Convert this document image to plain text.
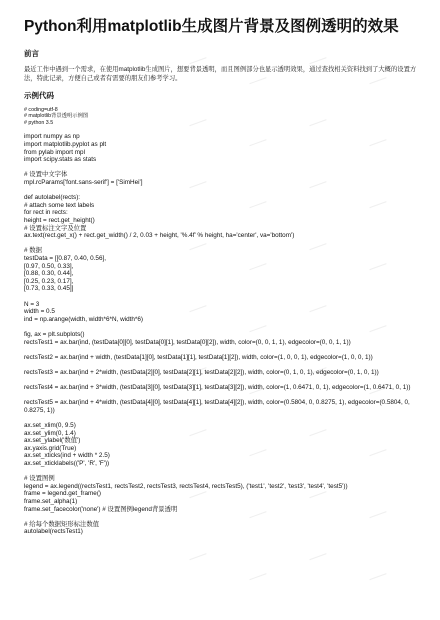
Python利用matplotlib生成图片背景及图例透明的效果
前言

最近工作中遇到一个需求，在使用matplotlib生成图片，想要背景透明，而且图例部分也显示透明效果，通过查找相关资料找到了大概的设置方法，特此记录，方便自己或者有需要的朋友们参考学习。

示例代码
# coding=utf-8
# matplotlib背景透明示例图
# python 3.5
import numpy as np
import matplotlib.pyplot as plt
from pylab import mpl
import scipy.stats as stats
# 设置中文字体
mpl.rcParams['font.sans-serif'] = ['SimHei']
def autolabel(rects):
# attach some text labels
for rect in rects:
height = rect.get_height()
# 设置标注文字及位置
ax.text(rect.get_x() + rect.get_width() / 2, 0.03 + height, '%.4f' % height, ha='center', va='bottom')
# 数据
testData = [[0.87, 0.40, 0.56],
[0.97, 0.50, 0.33],
[0.88, 0.30, 0.44],
[0.25, 0.23, 0.17],
[0.73, 0.33, 0.45]]
N = 3
width = 0.5
ind = np.arange(width, width*6*N, width*6)
fig, ax = plt.subplots()
rectsTest1 = ax.bar(ind, (testData[0][0], testData[0][1], testData[0][2]), width, color=(0, 0, 1, 1), edgecolor=(0, 0, 1, 1))
rectsTest2 = ax.bar(ind + width, (testData[1][0], testData[1][1], testData[1][2]), width, color=(1, 0, 0, 1), edgecolor=(1, 0, 0, 1))
rectsTest3 = ax.bar(ind + 2*width, (testData[2][0], testData[2][1], testData[2][2]), width, color=(0, 1, 0, 1), edgecolor=(0, 1, 0, 1))
rectsTest4 = ax.bar(ind + 3*width, (testData[3][0], testData[3][1], testData[3][2]), width, color=(1, 0.6471, 0, 1), edgecolor=(1, 0.6471, 0, 1))
rectsTest5 = ax.bar(ind + 4*width, (testData[4][0], testData[4][1], testData[4][2]), width, color=(0.5804, 0, 0.8275, 1), edgecolor=(0.5804, 0, 0.8275, 1))
ax.set_xlim(0, 9.5)
ax.set_ylim(0, 1.4)
ax.set_ylabel('数值')
ax.yaxis.grid(True)
ax.set_xticks(ind + width * 2.5)
ax.set_xticklabels(('P', 'R', 'F'))
# 设置图例
legend = ax.legend((rectsTest1, rectsTest2, rectsTest3, rectsTest4, rectsTest5), ('test1', 'test2', 'test3', 'test4', 'test5'))
frame = legend.get_frame()
frame.set_alpha(1)
frame.set_facecolor('none') # 设置图例legend背景透明
# 给每个数据矩形标注数值
autolabel(rectsTest1)
